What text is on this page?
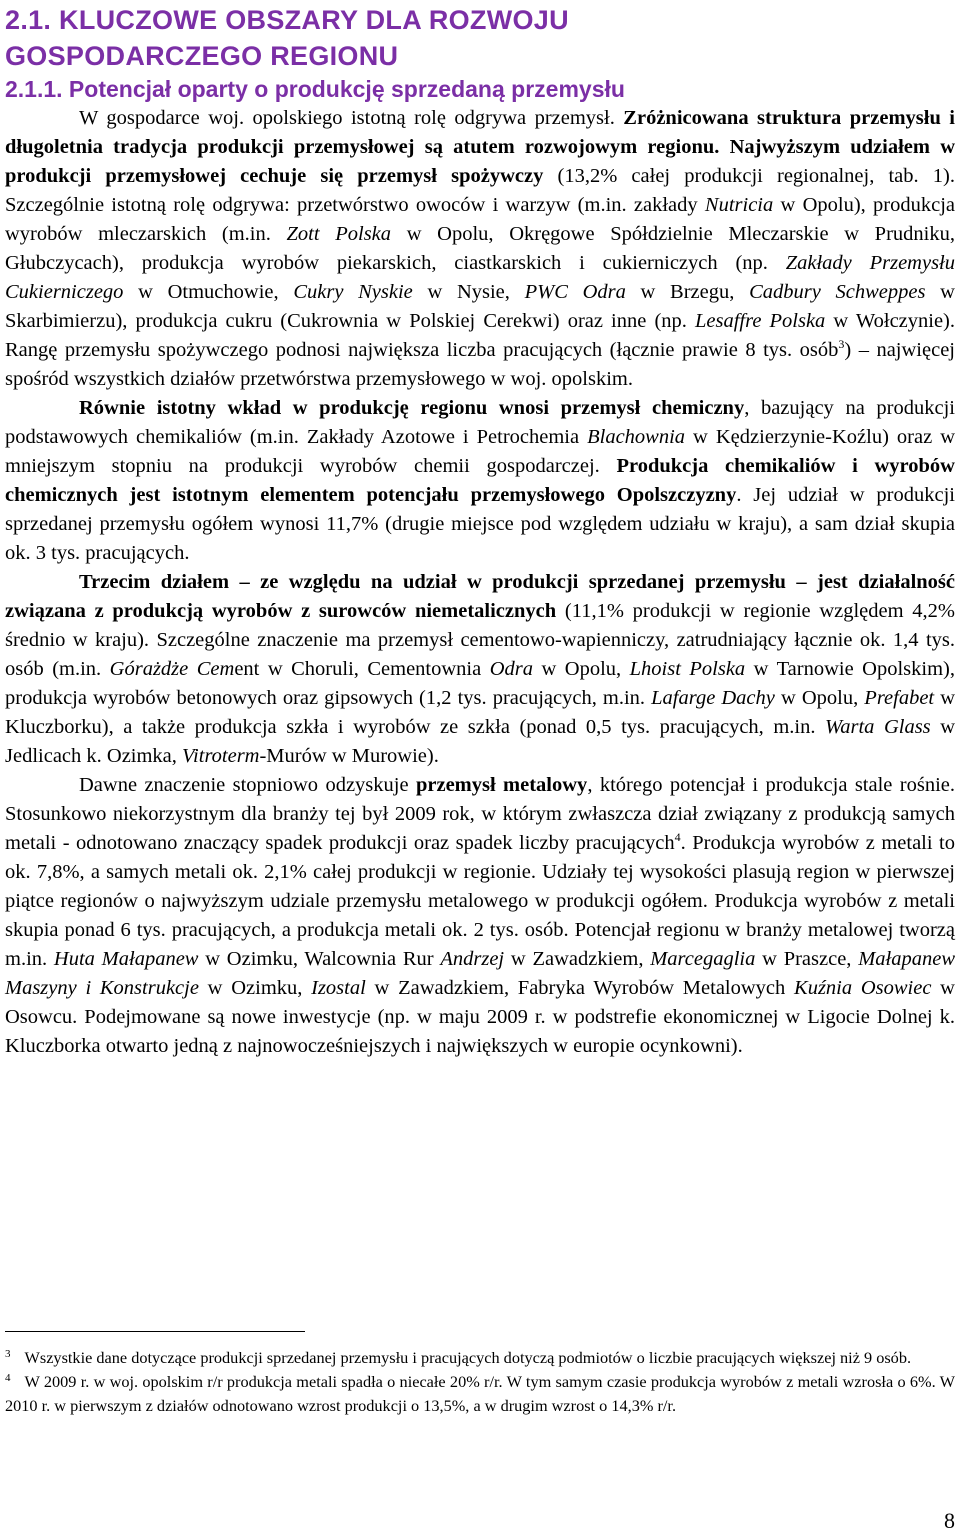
2.1. KLUCZOWE OBSZARY DLA ROZWOJU
GOSPODARCZEGO REGIONU
2.1.1. Potencjał oparty o produkcję sprzedaną przemysłu

W gospodarce woj. opolskiego istotną rolę odgrywa przemysł. Zróżnicowana struktura przemysłu i długoletnia tradycja produkcji przemysłowej są atutem rozwojowym regionu. Najwyższym udziałem w produkcji przemysłowej cechuje się przemysł spożywczy (13,2% całej produkcji regionalnej, tab. 1). Szczególnie istotną rolę odgrywa: przetwórstwo owoców i warzyw (m.in. zakłady Nutricia w Opolu), produkcja wyrobów mleczarskich (m.in. Zott Polska w Opolu, Okręgowe Spółdzielnie Mleczarskie w Prudniku, Głubczycach), produkcja wyrobów piekarskich, ciastkarskich i cukierniczych (np. Zakłady Przemysłu Cukierniczego w Otmuchowie, Cukry Nyskie w Nysie, PWC Odra w Brzegu, Cadbury Schweppes w Skarbimierzu), produkcja cukru (Cukrownia w Polskiej Cerekwi) oraz inne (np. Lesaffre Polska w Wołczynie). Rangę przemysłu spożywczego podnosi największa liczba pracujących (łącznie prawie 8 tys. osób$^3$) – najwięcej spośród wszystkich działów przetwórstwa przemysłowego w woj. opolskim.

Równie istotny wkład w produkcję regionu wnosi przemysł chemiczny, bazujący na produkcji podstawowych chemikaliów (m.in. Zakłady Azotowe i Petrochemia Blachownia w Kędzierzynie-Koźlu) oraz w mniejszym stopniu na produkcji wyrobów chemii gospodarczej. Produkcja chemikaliów i wyrobów chemicznych jest istotnym elementem potencjału przemysłowego Opolszczyzny. Jej udział w produkcji sprzedanej przemysłu ogółem wynosi 11,7% (drugie miejsce pod względem udziału w kraju), a sam dział skupia ok. 3 tys. pracujących.

Trzecim działem – ze względu na udział w produkcji sprzedanej przemysłu – jest działalność związana z produkcją wyrobów z surowców niemetalicznych (11,1% produkcji w regionie względem 4,2% średnio w kraju). Szczególne znaczenie ma przemysł cementowo-wapienniczy, zatrudniający łącznie ok. 1,4 tys. osób (m.in. Górażdże Cement w Choruli, Cementownia Odra w Opolu, Lhoist Polska w Tarnowie Opolskim), produkcja wyrobów betonowych oraz gipsowych (1,2 tys. pracujących, m.in. Lafarge Dachy w Opolu, Prefabet w Kluczborku), a także produkcja szkła i wyrobów ze szkła (ponad 0,5 tys. pracujących, m.in. Warta Glass w Jedlicach k. Ozimka, Vitroterm-Murów w Murowie).

Dawne znaczenie stopniowo odzyskuje przemysł metalowy, którego potencjał i produkcja stale rośnie. Stosunkowo niekorzystnym dla branży tej był 2009 rok, w którym zwłaszcza dział związany z produkcją samych metali - odnotowano znaczący spadek produkcji oraz spadek liczby pracujących$^4$. Produkcja wyrobów z metali to ok. 7,8%, a samych metali ok. 2,1% całej produkcji w regionie. Udziały tej wysokości plasują region w pierwszej piątce regionów o najwyższym udziale przemysłu metalowego w produkcji ogółem. Produkcja wyrobów z metali skupia ponad 6 tys. pracujących, a produkcja metali ok. 2 tys. osób. Potencjał regionu w branży metalowej tworzą m.in. Huta Małapanew w Ozimku, Walcownia Rur Andrzej w Zawadzkiem, Marcegaglia w Praszce, Małapanew Maszyny i Konstrukcje w Ozimku, Izostal w Zawadzkiem, Fabryka Wyrobów Metalowych Kuźnia Osowiec w Osowcu. Podejmowane są nowe inwestycje (np. w maju 2009 r. w podstrefie ekonomicznej w Ligocie Dolnej k. Kluczborka otwarto jedną z najnowocześniejszych i największych w europie ocynkowni).

$^3$ Wszystkie dane dotyczące produkcji sprzedanej przemysłu i pracujących dotyczą podmiotów o liczbie pracujących większej niż 9 osób.

$^4$ W 2009 r. w woj. opolskim r/r produkcja metali spadła o niecałe 20% r/r. W tym samym czasie produkcja wyrobów z metali wzrosła o 6%. W 2010 r. w pierwszym z działów odnotowano wzrost produkcji o 13,5%, a w drugim wzrost o 14,3% r/r.

8
